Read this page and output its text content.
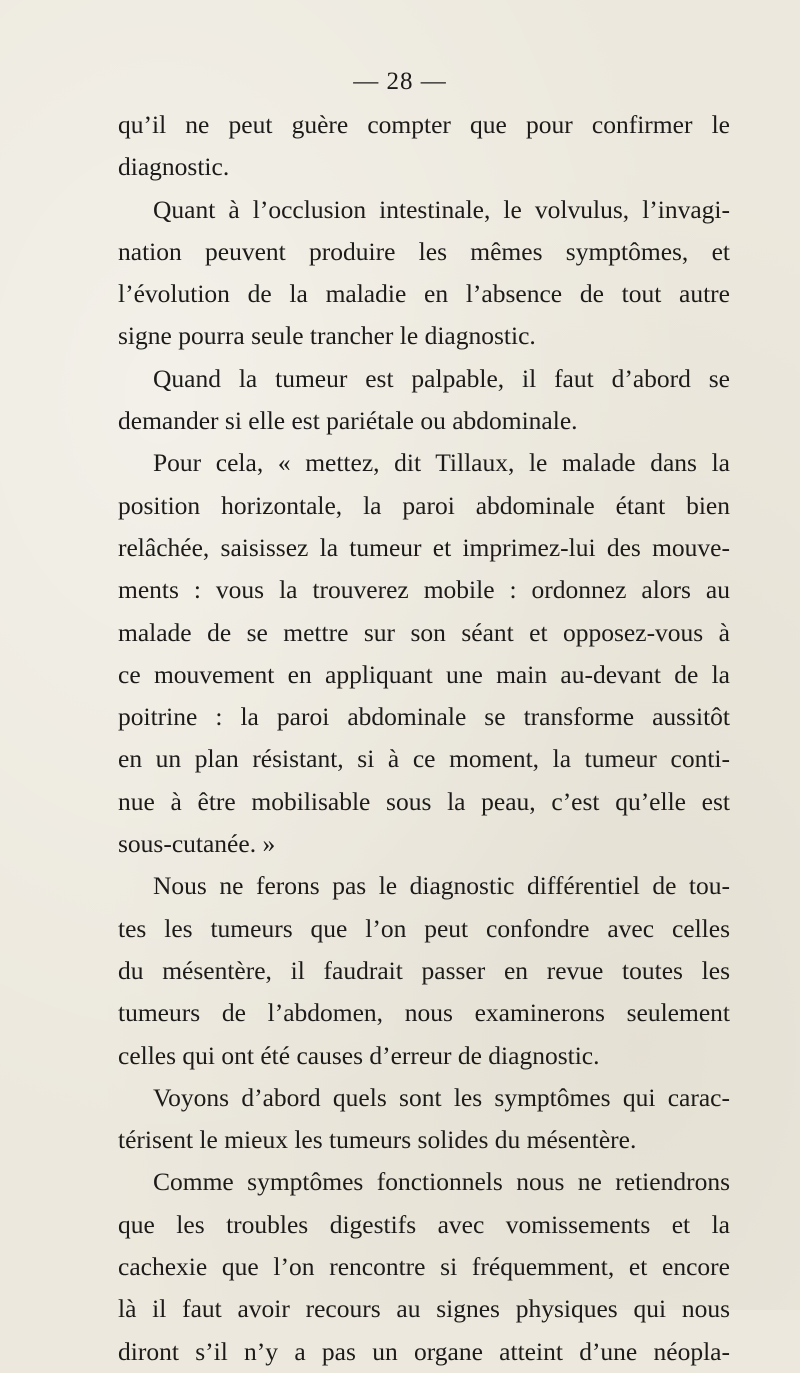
— 28 —
qu’il ne peut guère compter que pour confirmer le
diagnostic.
Quant à l’occlusion intestinale, le volvulus, l’invagi-
nation peuvent produire les mêmes symptômes, et
l’évolution de la maladie en l’absence de tout autre
signe pourra seule trancher le diagnostic.
Quand la tumeur est palpable, il faut d’abord se
demander si elle est pariétale ou abdominale.
Pour cela, « mettez, dit Tillaux, le malade dans la
position horizontale, la paroi abdominale étant bien
relâchée, saisissez la tumeur et imprimez-lui des mouve-
ments : vous la trouverez mobile : ordonnez alors au
malade de se mettre sur son séant et opposez-vous à
ce mouvement en appliquant une main au-devant de la
poitrine : la paroi abdominale se transforme aussitôt
en un plan résistant, si à ce moment, la tumeur conti-
nue à être mobilisable sous la peau, c’est qu’elle est
sous-cutanée. »
Nous ne ferons pas le diagnostic différentiel de tou-
tes les tumeurs que l’on peut confondre avec celles
du mésentère, il faudrait passer en revue toutes les
tumeurs de l’abdomen, nous examinerons seulement
celles qui ont été causes d’erreur de diagnostic.
Voyons d’abord quels sont les symptômes qui carac-
térisent le mieux les tumeurs solides du mésentère.
Comme symptômes fonctionnels nous ne retiendrons
que les troubles digestifs avec vomissements et la
cachexie que l’on rencontre si fréquemment, et encore
là il faut avoir recours au signes physiques qui nous
diront s’il n’y a pas un organe atteint d’une néopla-
